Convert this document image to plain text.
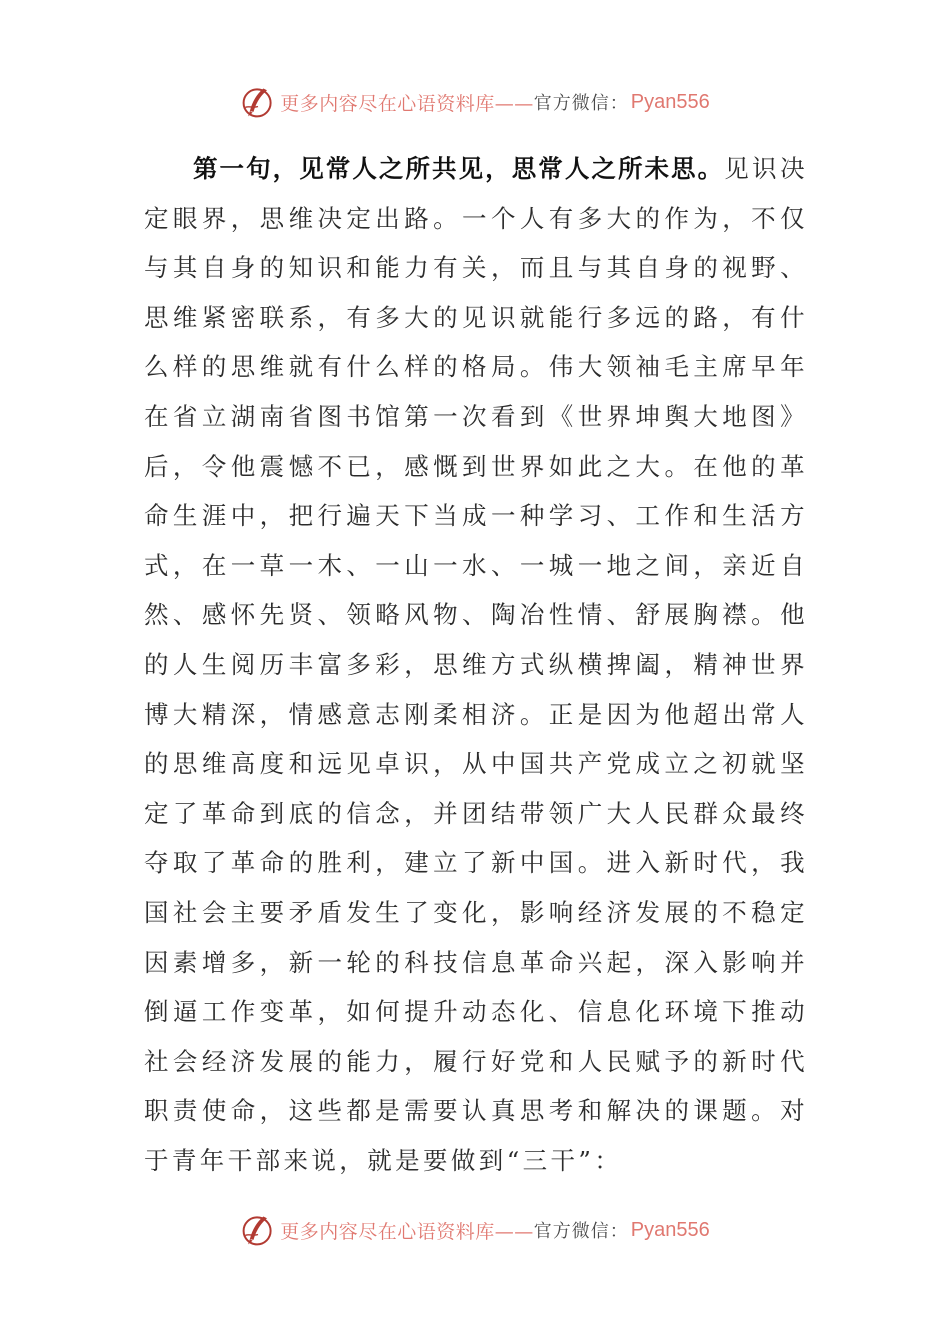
更多内容尽在心语资料库—— 官方微信： Pyan556

第一句，见常人之所共见，思常人之所未思。见识决定眼界，思维决定出路。一个人有多大的作为，不仅与其自身的知识和能力有关，而且与其自身的视野、思维紧密联系，有多大的见识就能行多远的路，有什么样的思维就有什么样的格局。伟大领袖毛主席早年在省立湖南省图书馆第一次看到《世界坤舆大地图》后，令他震憾不已，感慨到世界如此之大。在他的革命生涯中，把行遍天下当成一种学习、工作和生活方式，在一草一木、一山一水、一城一地之间，亲近自然、感怀先贤、领略风物、陶冶性情、舒展胸襟。他的人生阅历丰富多彩，思维方式纵横捭阖，精神世界博大精深，情感意志刚柔相济。正是因为他超出常人的思维高度和远见卓识，从中国共产党成立之初就坚定了革命到底的信念，并团结带领广大人民群众最终夺取了革命的胜利，建立了新中国。进入新时代，我国社会主要矛盾发生了变化，影响经济发展的不稳定因素增多，新一轮的科技信息革命兴起，深入影响并倒逼工作变革，如何提升动态化、信息化环境下推动社会经济发展的能力，履行好党和人民赋予的新时代职责使命，这些都是需要认真思考和解决的课题。对于青年干部来说，就是要做到“三干”：

更多内容尽在心语资料库—— 官方微信： Pyan556
